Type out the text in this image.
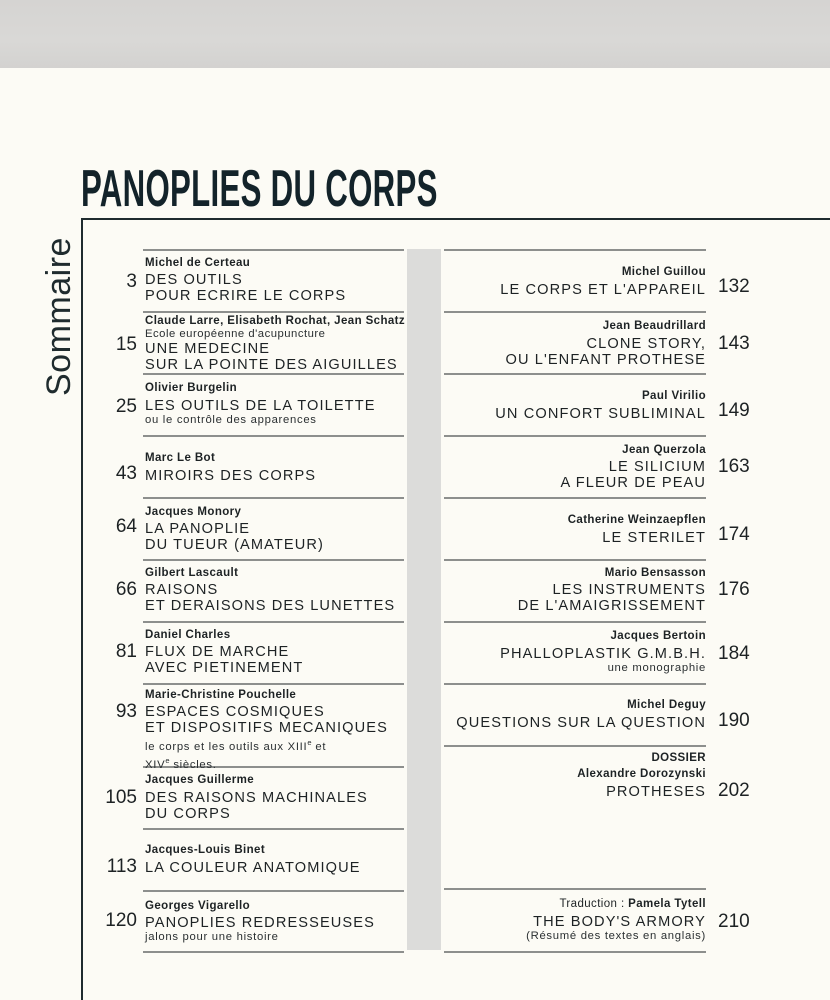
PANOPLIES DU CORPS
Sommaire	3
Michel de Certeau
DES OUTILS
POUR ECRIRE LE CORPS
15
Claude Larre, Elisabeth Rochat, Jean Schatz
Ecole européenne d'acupuncture
UNE MEDECINE
SUR LA POINTE DES AIGUILLES
25
Olivier Burgelin
LES OUTILS DE LA TOILETTE
ou le contrôle des apparences
43
Marc Le Bot
MIROIRS DES CORPS
64
Jacques Monory
LA PANOPLIE
DU TUEUR (AMATEUR)
66
Gilbert Lascault
RAISONS
ET DERAISONS DES LUNETTES
81
Daniel Charles
FLUX DE MARCHE
AVEC PIETINEMENT
93
Marie-Christine Pouchelle
ESPACES COSMIQUES
ET DISPOSITIFS MECANIQUES
le corps et les outils aux XIIIe et
XIVe siècles.
105
Jacques Guillerme
DES RAISONS MACHINALES
DU CORPS
113
Jacques-Louis Binet
LA COULEUR ANATOMIQUE
120
Georges Vigarello
PANOPLIES REDRESSEUSES
jalons pour une histoire
132
Michel Guillou
LE CORPS ET L'APPAREIL
143
Jean Beaudrillard
CLONE STORY,
OU L'ENFANT PROTHESE
149
Paul Virilio
UN CONFORT SUBLIMINAL
163
Jean Querzola
LE SILICIUM
A FLEUR DE PEAU
174
Catherine Weinzaepflen
LE STERILET
176
Mario Bensasson
LES INSTRUMENTS
DE L'AMAIGRISSEMENT
184
Jacques Bertoin
PHALLOPLASTIK G.M.B.H.
une monographie
190
Michel Deguy
QUESTIONS SUR LA QUESTION
202
DOSSIER
Alexandre Dorozynski
PROTHESES
210
Traduction : Pamela Tytell
THE BODY'S ARMORY
(Résumé des textes en anglais)
